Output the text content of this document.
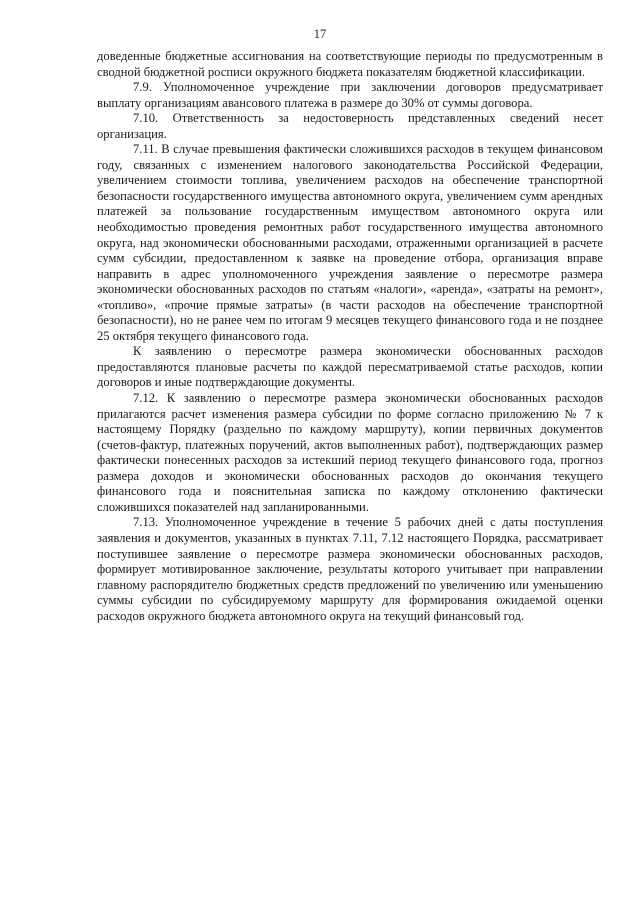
17

доведенные бюджетные ассигнования на соответствующие периоды по предусмотренным в сводной бюджетной росписи окружного бюджета показателям бюджетной классификации.

7.9. Уполномоченное учреждение при заключении договоров предусматривает выплату организациям авансового платежа в размере до 30% от суммы договора.

7.10. Ответственность за недостоверность представленных сведений несет организация.

7.11. В случае превышения фактически сложившихся расходов в текущем финансовом году, связанных с изменением налогового законодательства Российской Федерации, увеличением стоимости топлива, увеличением расходов на обеспечение транспортной безопасности государственного имущества автономного округа, увеличением сумм арендных платежей за пользование государственным имуществом автономного округа или необходимостью проведения ремонтных работ государственного имущества автономного округа, над экономически обоснованными расходами, отраженными организацией в расчете сумм субсидии, предоставленном к заявке на проведение отбора, организация вправе направить в адрес уполномоченного учреждения заявление о пересмотре размера экономически обоснованных расходов по статьям «налоги», «аренда», «затраты на ремонт», «топливо», «прочие прямые затраты» (в части расходов на обеспечение транспортной безопасности), но не ранее чем по итогам 9 месяцев текущего финансового года и не позднее 25 октября текущего финансового года.

К заявлению о пересмотре размера экономически обоснованных расходов предоставляются плановые расчеты по каждой пересматриваемой статье расходов, копии договоров и иные подтверждающие документы.

7.12. К заявлению о пересмотре размера экономически обоснованных расходов прилагаются расчет изменения размера субсидии по форме согласно приложению № 7 к настоящему Порядку (раздельно по каждому маршруту), копии первичных документов (счетов-фактур, платежных поручений, актов выполненных работ), подтверждающих размер фактически понесенных расходов за истекший период текущего финансового года, прогноз размера доходов и экономически обоснованных расходов до окончания текущего финансового года и пояснительная записка по каждому отклонению фактически сложившихся показателей над запланированными.

7.13. Уполномоченное учреждение в течение 5 рабочих дней с даты поступления заявления и документов, указанных в пунктах 7.11, 7.12 настоящего Порядка, рассматривает поступившее заявление о пересмотре размера экономически обоснованных расходов, формирует мотивированное заключение, результаты которого учитывает при направлении главному распорядителю бюджетных средств предложений по увеличению или уменьшению суммы субсидии по субсидируемому маршруту для формирования ожидаемой оценки расходов окружного бюджета автономного округа на текущий финансовый год.
